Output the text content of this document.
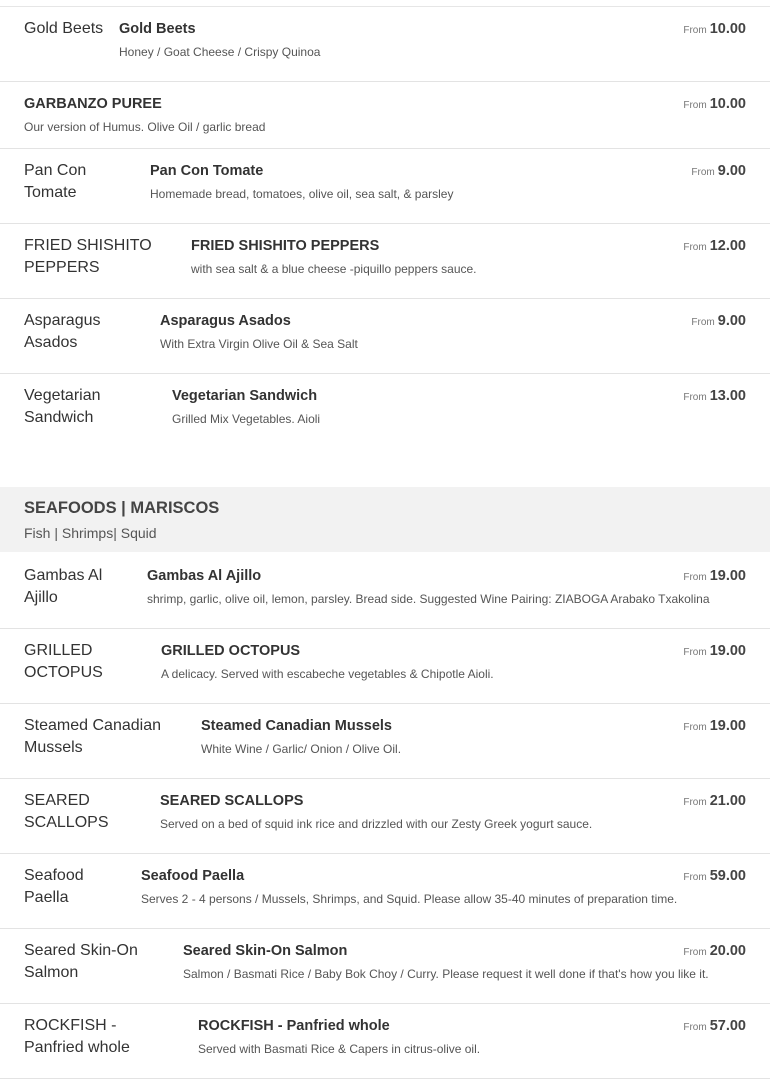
Gold Beets	Gold Beets
Honey / Goat Cheese / Crispy Quinoa
From 10.00
GARBANZO PUREE
Our version of Humus. Olive Oil / garlic bread
From 10.00
Pan Con Tomate
Pan Con Tomate
Homemade bread, tomatoes, olive oil, sea salt, & parsley
From 9.00
FRIED SHISHITO PEPPERS
FRIED SHISHITO PEPPERS
with sea salt & a blue cheese -piquillo peppers sauce.
From 12.00
Asparagus Asados
Asparagus Asados
With Extra Virgin Olive Oil & Sea Salt
From 9.00
Vegetarian Sandwich
Vegetarian Sandwich
Grilled Mix Vegetables. Aioli
From 13.00
SEAFOODS | MARISCOS
Fish | Shrimps| Squid
Gambas Al Ajillo
Gambas Al Ajillo
shrimp, garlic, olive oil, lemon, parsley. Bread side. Suggested Wine Pairing: ZIABOGA Arabako Txakolina
From 19.00
GRILLED OCTOPUS
GRILLED OCTOPUS
A delicacy. Served with escabeche vegetables & Chipotle Aioli.
From 19.00
Steamed Canadian Mussels
Steamed Canadian Mussels
White Wine / Garlic/ Onion / Olive Oil.
From 19.00
SEARED SCALLOPS
SEARED SCALLOPS
Served on a bed of squid ink rice and drizzled with our Zesty Greek yogurt sauce.
From 21.00
Seafood Paella
Seafood Paella
Serves 2 - 4 persons / Mussels, Shrimps, and Squid. Please allow 35-40 minutes of preparation time.
From 59.00
Seared Skin-On Salmon
Seared Skin-On Salmon
Salmon / Basmati Rice / Baby Bok Choy / Curry. Please request it well done if that's how you like it.
From 20.00
ROCKFISH - Panfried whole
ROCKFISH - Panfried whole
Served with Basmati Rice & Capers in citrus-olive oil.
From 57.00
